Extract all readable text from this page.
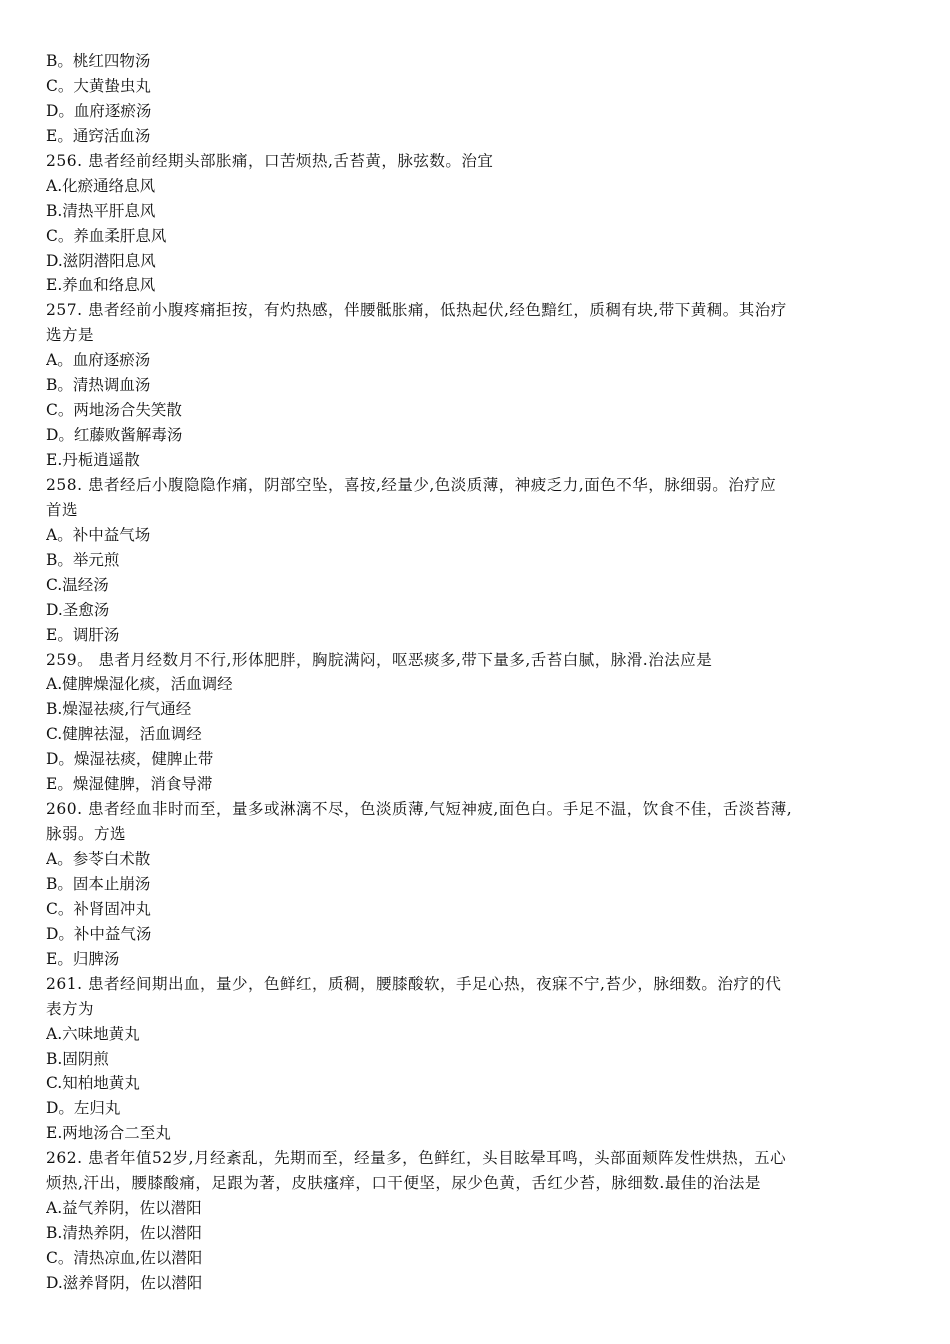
B。桃红四物汤
C。大黄蛰虫丸
D。血府逐瘀汤
E。通窍活血汤
256. 患者经前经期头部胀痛，口苦烦热,舌苔黄，脉弦数。治宜
A.化瘀通络息风
B.清热平肝息风
C。养血柔肝息风
D.滋阴潜阳息风
E.养血和络息风
257. 患者经前小腹疼痛拒按，有灼热感，伴腰骶胀痛，低热起伏,经色黯红，质稠有块,带下黄稠。其治疗
选方是
A。血府逐瘀汤
B。清热调血汤
C。两地汤合失笑散
D。红藤败酱解毒汤
E.丹栀逍遥散
258. 患者经后小腹隐隐作痛，阴部空坠，喜按,经量少,色淡质薄，神疲乏力,面色不华，脉细弱。治疗应
首选
A。补中益气场
B。举元煎
C.温经汤
D.圣愈汤
E。调肝汤
259。 患者月经数月不行,形体肥胖，胸脘满闷，呕恶痰多,带下量多,舌苔白腻，脉滑.治法应是
A.健脾燥湿化痰，活血调经
B.燥湿祛痰,行气通经
C.健脾祛湿，活血调经
D。燥湿祛痰，健脾止带
E。燥湿健脾，消食导滞
260. 患者经血非时而至，量多或淋漓不尽，色淡质薄,气短神疲,面色白。手足不温，饮食不佳，舌淡苔薄,
脉弱。方选
A。参苓白术散
B。固本止崩汤
C。补肾固冲丸
D。补中益气汤
E。归脾汤
261. 患者经间期出血，量少，色鲜红，质稠，腰膝酸软，手足心热，夜寐不宁,苔少，脉细数。治疗的代
表方为
A.六味地黄丸
B.固阴煎
C.知柏地黄丸
D。左归丸
E.两地汤合二至丸
262. 患者年值52岁,月经紊乱，先期而至，经量多，色鲜红，头目眩晕耳鸣，头部面颊阵发性烘热，五心
烦热,汗出，腰膝酸痛，足跟为著，皮肤瘙痒，口干便坚，尿少色黄，舌红少苔，脉细数.最佳的治法是
A.益气养阴，佐以潜阳
B.清热养阴，佐以潜阳
C。清热凉血,佐以潜阳
D.滋养肾阴，佐以潜阳
